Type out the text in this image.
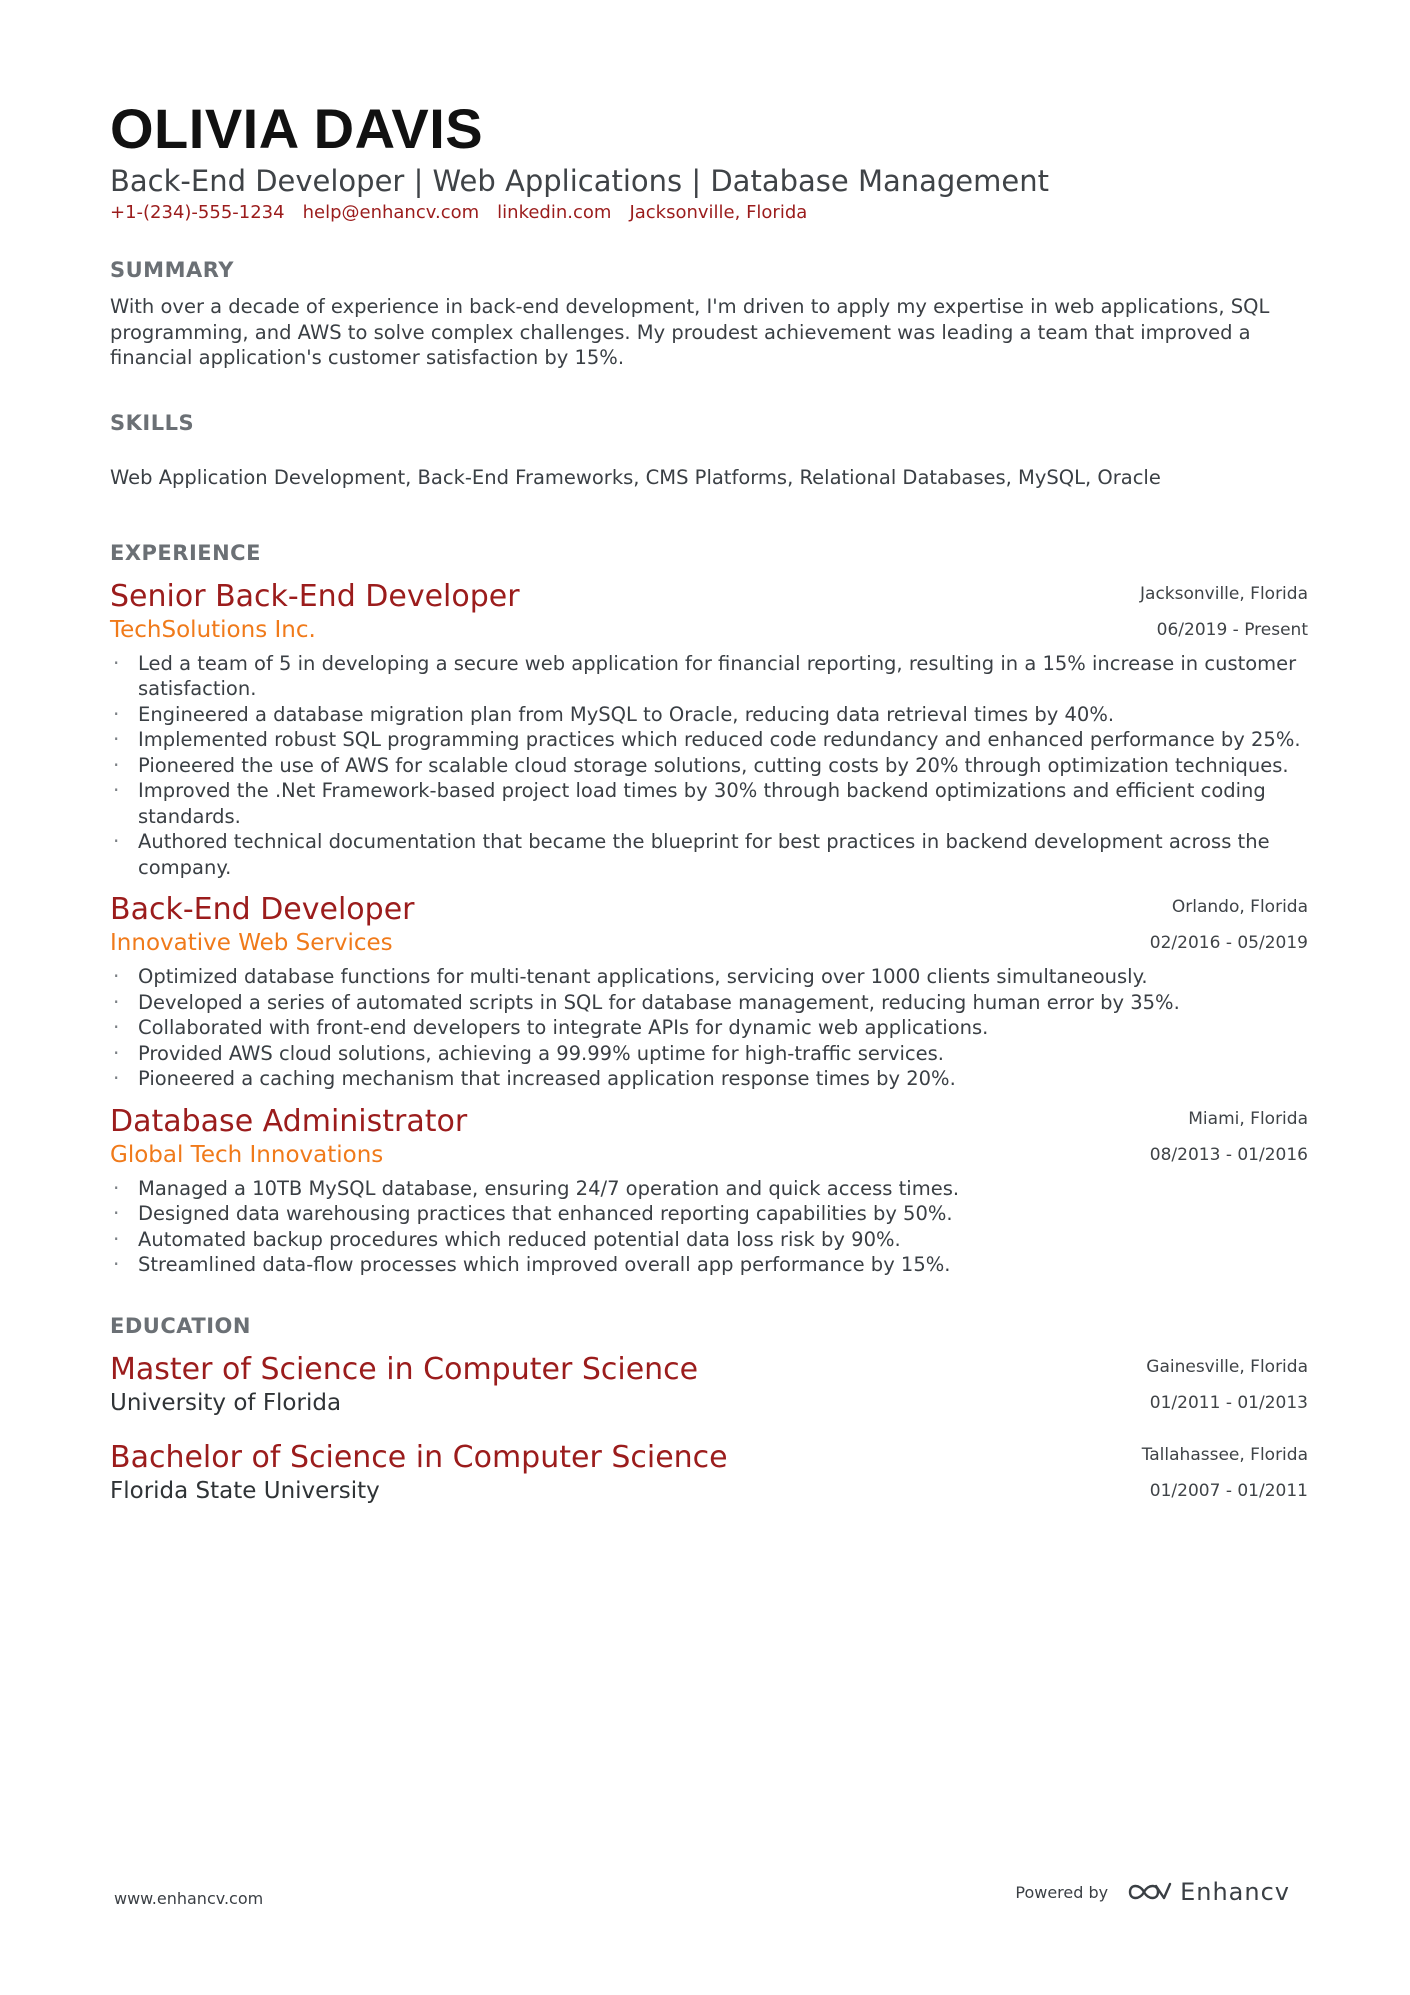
OLIVIA DAVIS
Back-End Developer | Web Applications | Database Management
+1-(234)-555-1234 help@enhancv.com linkedin.com Jacksonville, Florida
SUMMARY
With over a decade of experience in back-end development, I'm driven to apply my expertise in web applications, SQL programming, and AWS to solve complex challenges. My proudest achievement was leading a team that improved a financial application's customer satisfaction by 15%.
SKILLS
Web Application Development, Back-End Frameworks, CMS Platforms, Relational Databases, MySQL, Oracle
EXPERIENCE
Senior Back-End Developer
TechSolutions Inc.
Jacksonville, Florida
06/2019 - Present
· Led a team of 5 in developing a secure web application for financial reporting, resulting in a 15% increase in customer satisfaction.
· Engineered a database migration plan from MySQL to Oracle, reducing data retrieval times by 40%.
· Implemented robust SQL programming practices which reduced code redundancy and enhanced performance by 25%.
· Pioneered the use of AWS for scalable cloud storage solutions, cutting costs by 20% through optimization techniques.
· Improved the .Net Framework-based project load times by 30% through backend optimizations and efficient coding standards.
· Authored technical documentation that became the blueprint for best practices in backend development across the company.
Back-End Developer
Innovative Web Services
Orlando, Florida
02/2016 - 05/2019
· Optimized database functions for multi-tenant applications, servicing over 1000 clients simultaneously.
· Developed a series of automated scripts in SQL for database management, reducing human error by 35%.
· Collaborated with front-end developers to integrate APIs for dynamic web applications.
· Provided AWS cloud solutions, achieving a 99.99% uptime for high-traffic services.
· Pioneered a caching mechanism that increased application response times by 20%.
Database Administrator
Global Tech Innovations
Miami, Florida
08/2013 - 01/2016
· Managed a 10TB MySQL database, ensuring 24/7 operation and quick access times.
· Designed data warehousing practices that enhanced reporting capabilities by 50%.
· Automated backup procedures which reduced potential data loss risk by 90%.
· Streamlined data-flow processes which improved overall app performance by 15%.
EDUCATION
Master of Science in Computer Science
University of Florida
Gainesville, Florida
01/2011 - 01/2013
Bachelor of Science in Computer Science
Florida State University
Tallahassee, Florida
01/2007 - 01/2011
www.enhancv.com	Powered by	Enhancv
